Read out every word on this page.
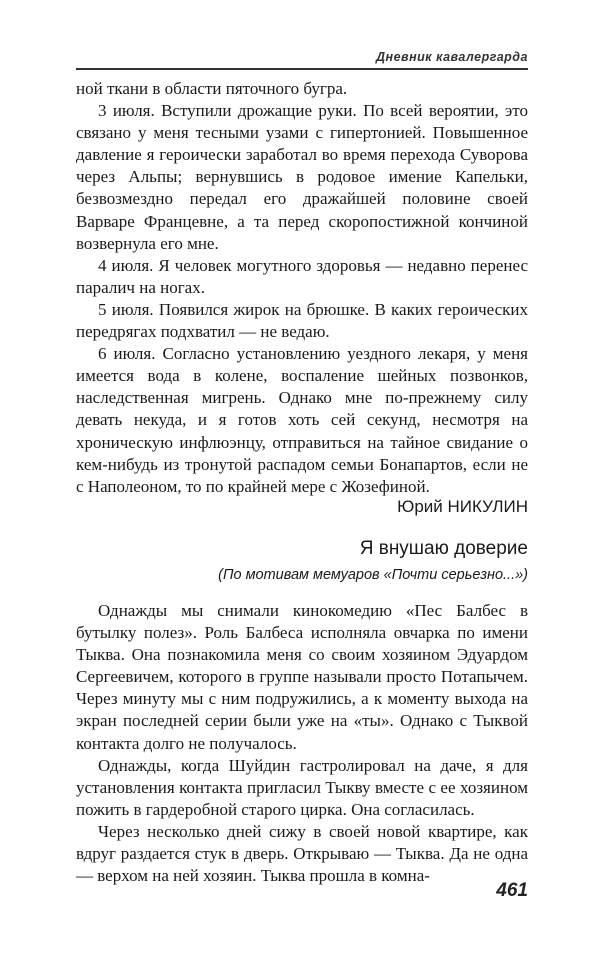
Дневник кавалергарда

ной ткани в области пяточного бугра.

3 июля. Вступили дрожащие руки. По всей вероятии, это связано у меня тесными узами с гипертонией. Повышенное давление я героически заработал во время перехода Суворова через Альпы; вернувшись в родовое имение Капельки, безвозмездно передал его дражайшей половине своей Варваре Францевне, а та перед скоропостижной кончиной возвернула его мне.

4 июля. Я человек могутного здоровья — недавно перенес паралич на ногах.

5 июля. Появился жирок на брюшке. В каких героических передрягах подхватил — не ведаю.

6 июля. Согласно установлению уездного лекаря, у меня имеется вода в колене, воспаление шейных позвонков, наследственная мигрень. Однако мне по-прежнему силу девать некуда, и я готов хоть сей секунд, несмотря на хроническую инфлюэнцу, отправиться на тайное свидание о кем-нибудь из тронутой распадом семьи Бонапартов, если не с Наполеоном, то по крайней мере с Жозефиной.

Юрий НИКУЛИН
Я внушаю доверие
(По мотивам мемуаров «Почти серьезно...»)

Однажды мы снимали кинокомедию «Пес Балбес в бутылку полез». Роль Балбеса исполняла овчарка по имени Тыква. Она познакомила меня со своим хозяином Эдуардом Сергеевичем, которого в группе называли просто Потапычем. Через минуту мы с ним подружились, а к моменту выхода на экран последней серии были уже на «ты». Однако с Тыквой контакта долго не получалось.

Однажды, когда Шуйдин гастролировал на даче, я для установления контакта пригласил Тыкву вместе с ее хозяином пожить в гардеробной старого цирка. Она согласилась.

Через несколько дней сижу в своей новой квартире, как вдруг раздается стук в дверь. Открываю — Тыква. Да не одна — верхом на ней хозяин. Тыква прошла в комна-

461
